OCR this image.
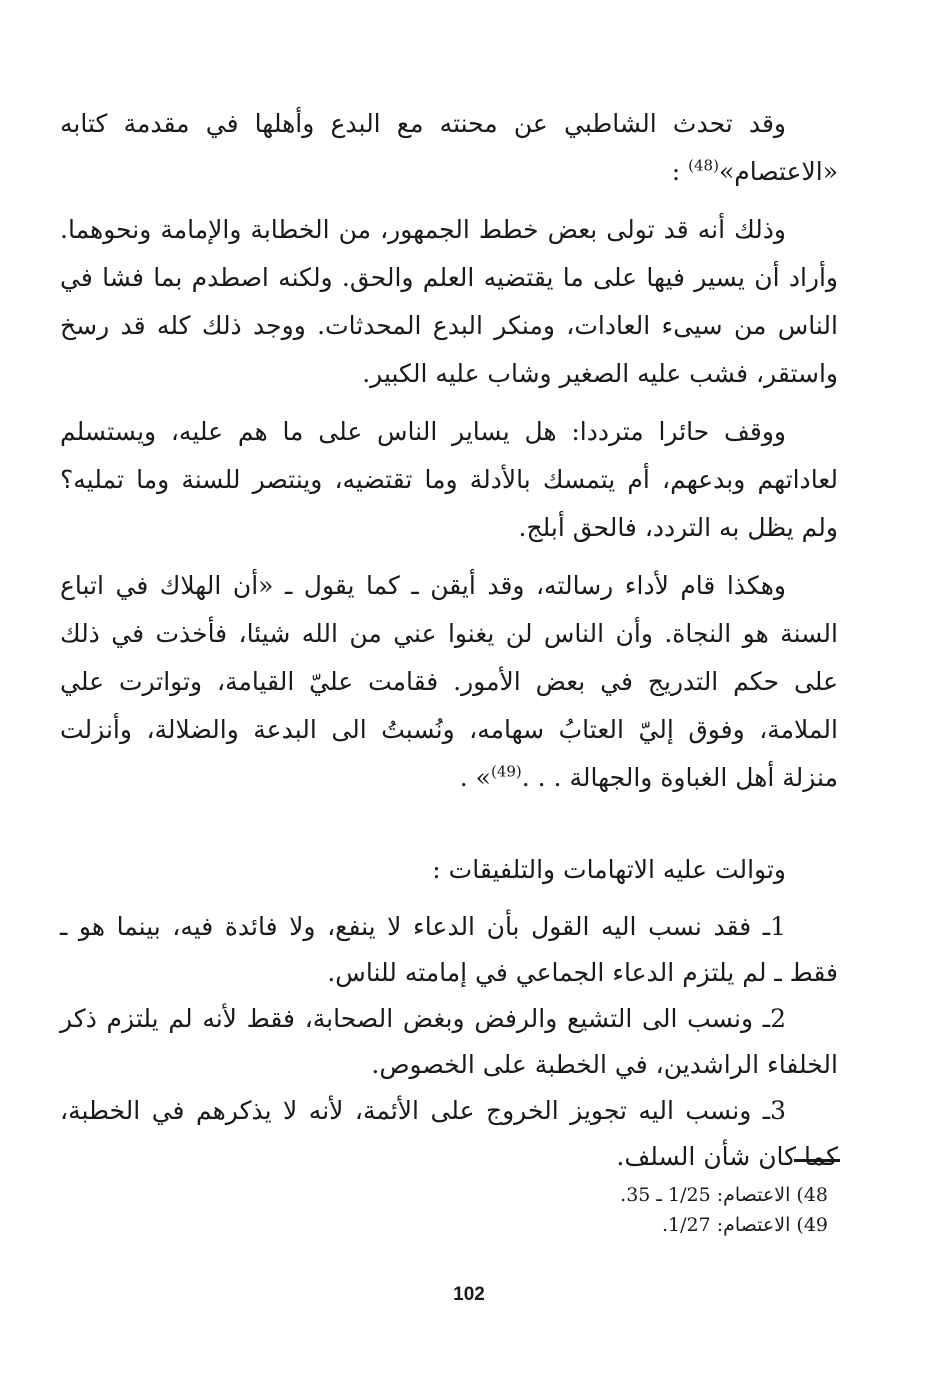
وقد تحدث الشاطبي عن محنته مع البدع وأهلها في مقدمة كتابه «الاعتصام»$^{(48)}$ :

وذلك أنه قد تولى بعض خطط الجمهور، من الخطابة والإمامة ونحوهما. وأراد أن يسير فيها على ما يقتضيه العلم والحق. ولكنه اصطدم بما فشا في الناس من سيىء العادات، ومنكر البدع المحدثات. ووجد ذلك كله قد رسخ واستقر، فشب عليه الصغير وشاب عليه الكبير.

ووقف حائرا مترددا: هل يساير الناس على ما هم عليه، ويستسلم لعاداتهم وبدعهم، أم يتمسك بالأدلة وما تقتضيه، وينتصر للسنة وما تمليه؟ ولم يظل به التردد، فالحق أبلج.

وهكذا قام لأداء رسالته، وقد أيقن ـ كما يقول ـ «أن الهلاك في اتباع السنة هو النجاة. وأن الناس لن يغنوا عني من الله شيئا، فأخذت في ذلك على حكم التدريج في بعض الأمور. فقامت عليّ القيامة، وتواترت علي الملامة، وفوق إليّ العتابُ سهامه، ونُسبتُ الى البدعة والضلالة، وأنزلت منزلة أهل الغباوة والجهالة . . .$^{(49)}$» .

وتوالت عليه الاتهامات والتلفيقات :

1ـ فقد نسب اليه القول بأن الدعاء لا ينفع، ولا فائدة فيه، بينما هو ـ فقط ـ لم يلتزم الدعاء الجماعي في إمامته للناس.

2ـ ونسب الى التشيع والرفض وبغض الصحابة، فقط لأنه لم يلتزم ذكر الخلفاء الراشدين، في الخطبة على الخصوص.

3ـ ونسب اليه تجويز الخروج على الأئمة، لأنه لا يذكرهم في الخطبة، كما كان شأن السلف.

48) الاعتصام: 1/25 ـ 35.
49) الاعتصام: 1/27.
102
